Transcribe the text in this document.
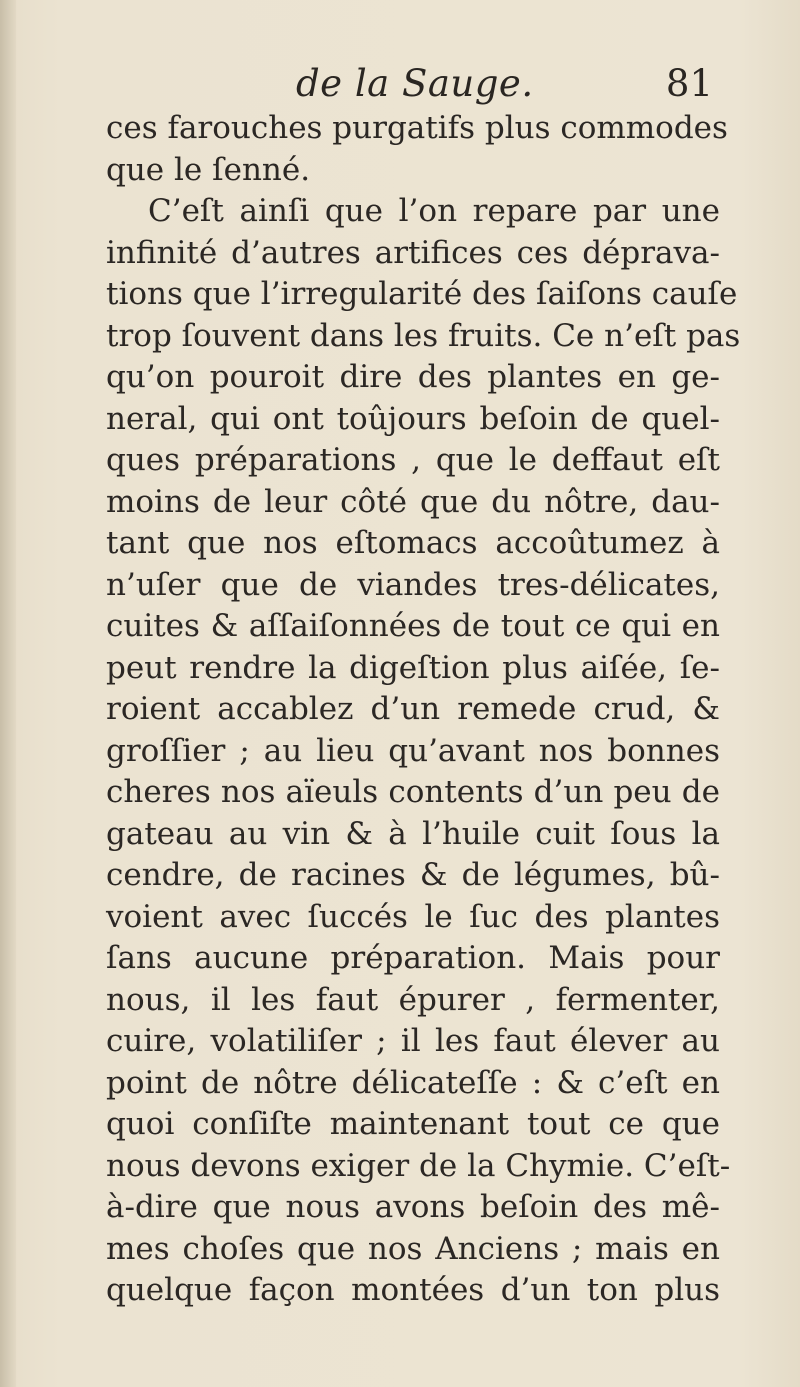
de la Sauge.	81
ces farouches purgatifs plus commodes
que le ſenné.
C’eſt ainſi que l’on repare par une
infinité d’autres artifices ces déprava-
tions que l’irregularité des ſaiſons cauſe
trop ſouvent dans les fruits. Ce n’eſt pas
qu’on pouroit dire des plantes en ge-
neral, qui ont toûjours beſoin de quel-
ques préparations , que le deffaut eſt
moins de leur côté que du nôtre, dau-
tant que nos eſtomacs accoûtumez à
n’uſer que de viandes tres-délicates,
cuites & aſſaiſonnées de tout ce qui en
peut rendre la digeſtion plus aiſée, ſe-
roient accablez d’un remede crud, &
groſſier ; au lieu qu’avant nos bonnes
cheres nos aïeuls contents d’un peu de
gateau au vin & à l’huile cuit ſous la
cendre, de racines & de légumes, bû-
voient avec ſuccés le ſuc des plantes
ſans aucune préparation. Mais pour
nous, il les faut épurer , fermenter,
cuire, volatiliſer ; il les faut élever au
point de nôtre délicateſſe : & c’eſt en
quoi conſiſte maintenant tout ce que
nous devons exiger de la Chymie. C’eſt-
à-dire que nous avons beſoin des mê-
mes choſes que nos Anciens ; mais en
quelque façon montées d’un ton plus
